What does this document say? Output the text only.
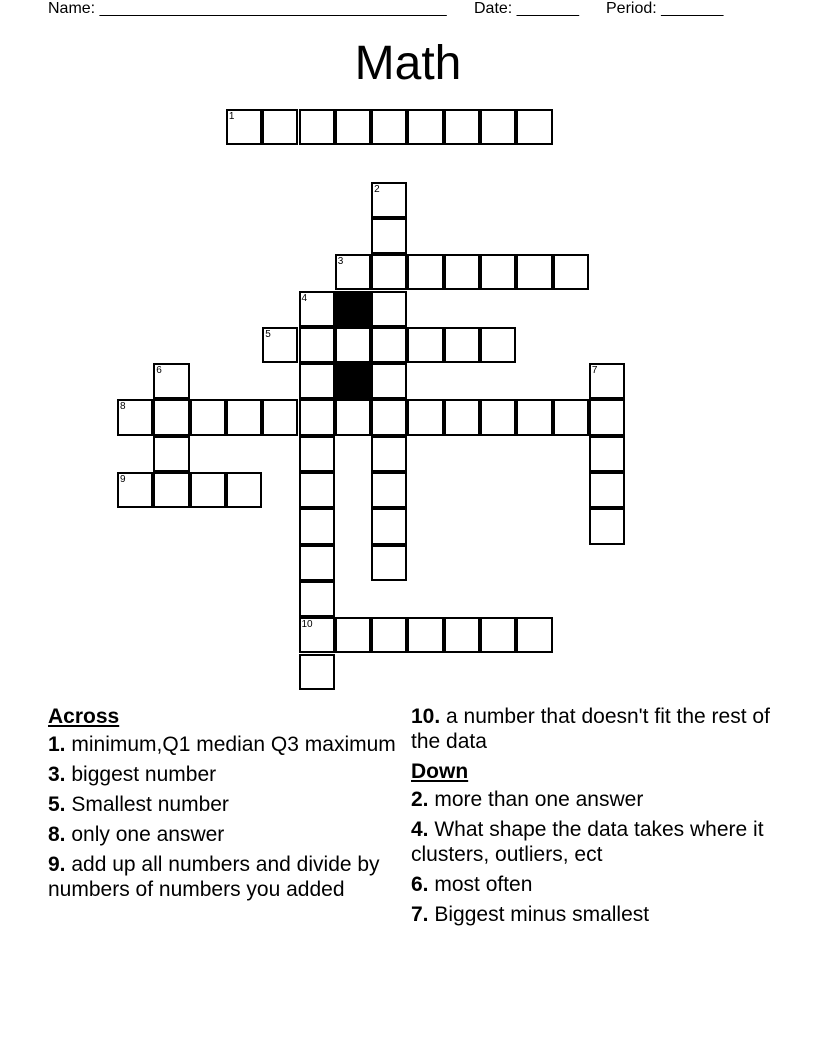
Name: _______________________________________ Date: _______ Period: _______
Math
1
2
3
4
10
5
6	7
8
9
Across
1. minimum,Q1 median Q3 maximum
3. biggest number
5. Smallest number
8. only one answer
9. add up all numbers and divide by numbers of numbers you added
10. a number that doesn't fit the rest of the data
Down
2. more than one answer
4. What shape the data takes where it clusters, outliers, ect
6. most often
7. Biggest minus smallest
